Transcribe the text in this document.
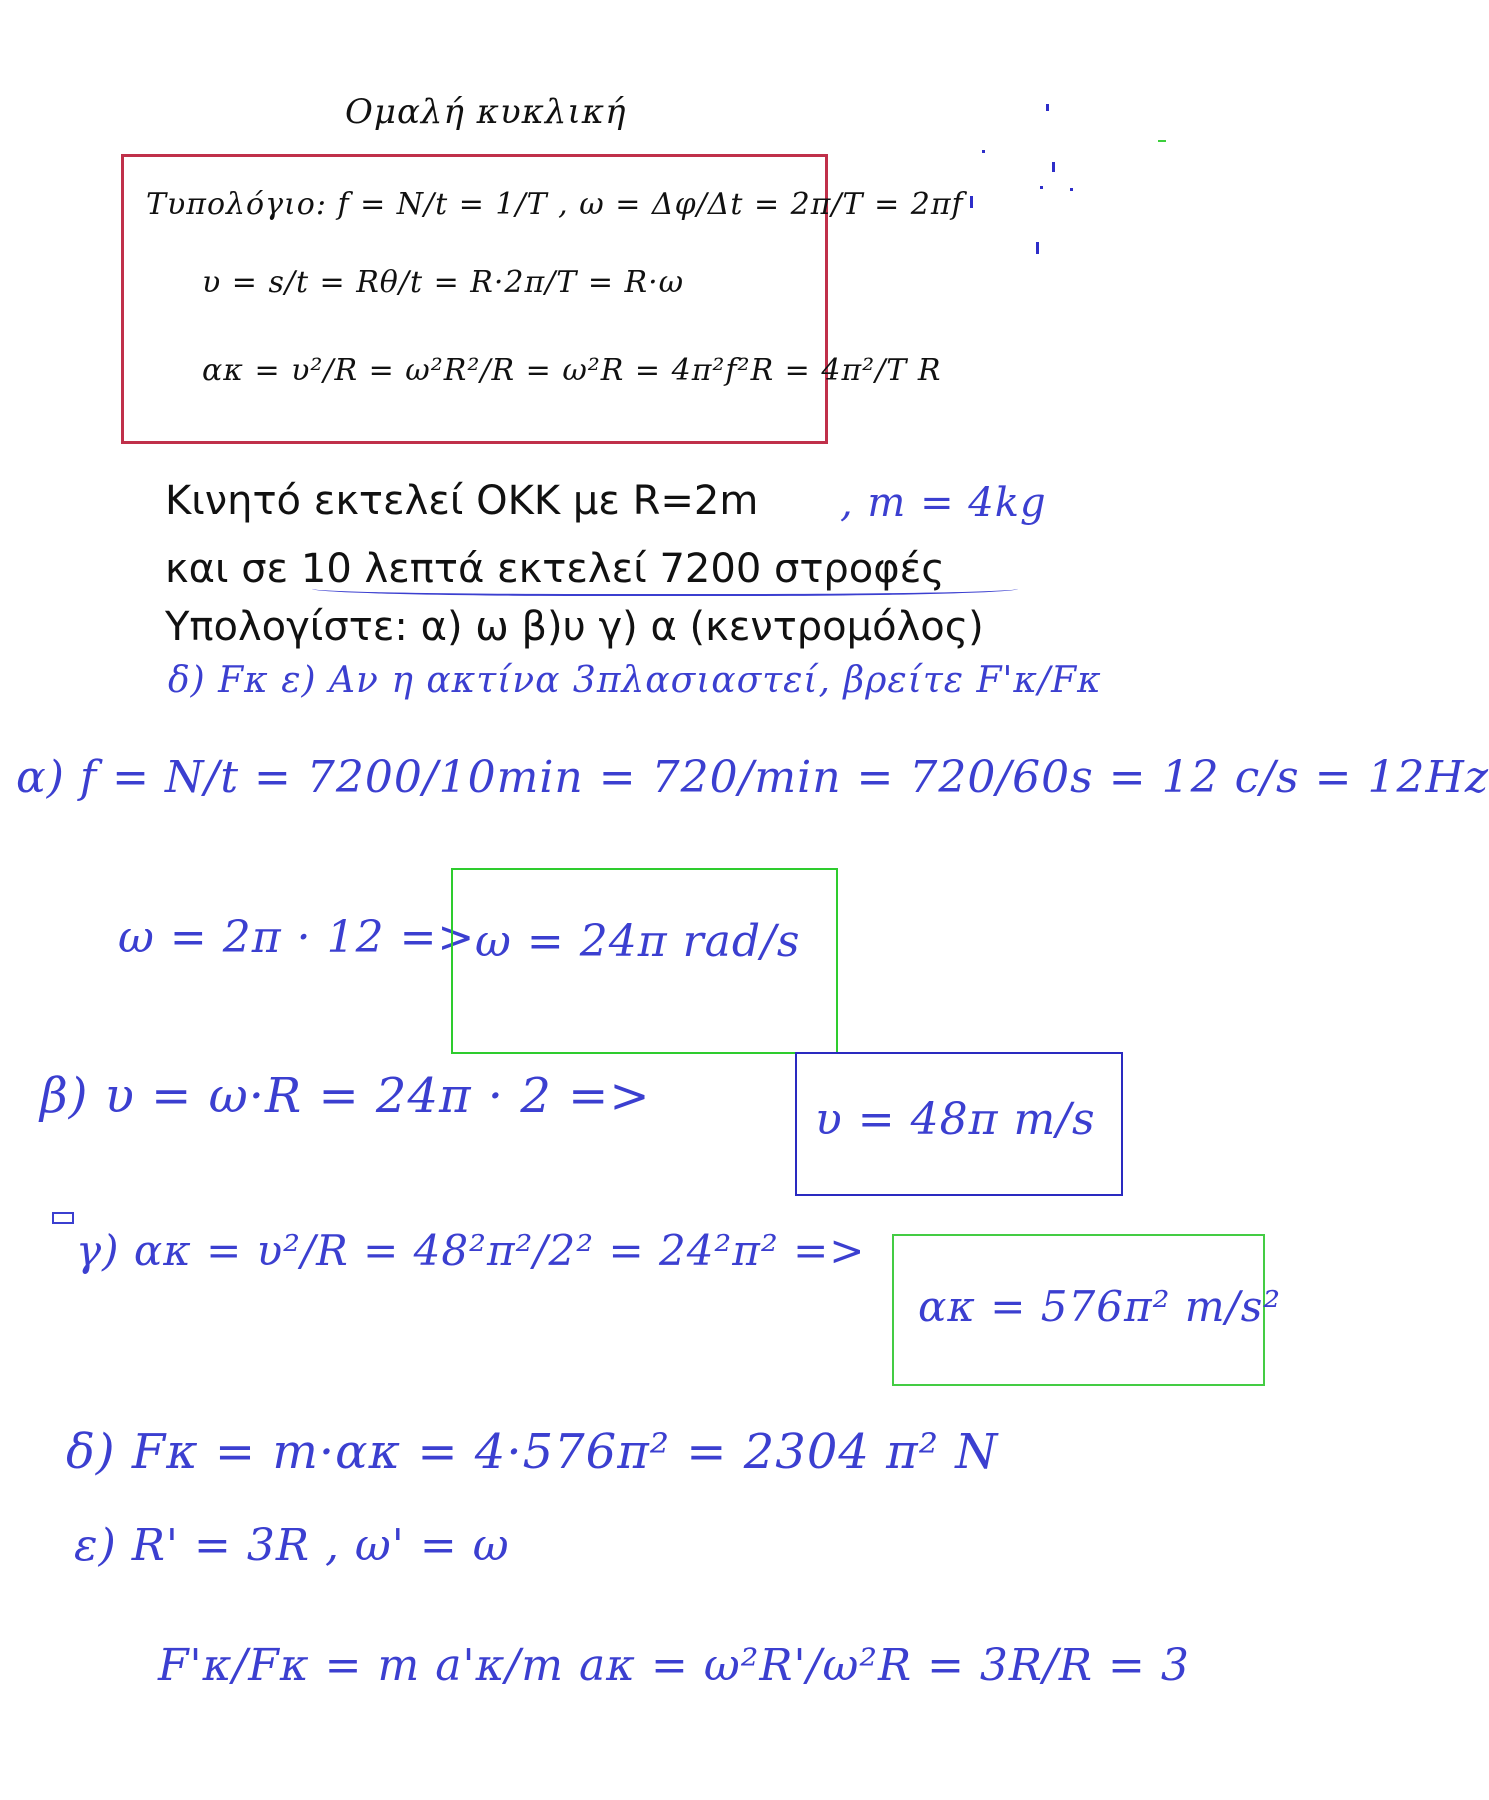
Ομαλή κυκλική
Τυπολόγιο: f = N/t = 1/T , ω = Δφ/Δt = 2π/T = 2πf
υ = s/t = Rθ/t = R·2π/T = R·ω
ακ = υ²/R = ω²R²/R = ω²R = 4π²f²R = 4π²/T R
Κινητό εκτελεί ΟΚΚ με R=2m , m = 4kg
και σε 10 λεπτά εκτελεί 7200 στροφές
Υπολογίστε: α) ω β)υ γ) α (κεντρομόλος)
δ) Fκ ε) Αν η ακτίνα 3πλασιαστεί, βρείτε F'κ/Fκ
α) f = N/t = 7200/10min = 720/min = 720/60s = 12 c/s = 12Hz
ω = 2π · 12 => ω = 24π rad/s
β) υ = ω·R = 24π · 2 =>	υ = 48π m/s
γ) ακ = υ²/R = 48²π²/2² = 24²π² =>
ακ = 576π² m/s²
δ) Fκ = m·ακ = 4·576π² = 2304 π² N
ε) R' = 3R , ω' = ω
F'κ/Fκ = m a'κ/m aκ = ω²R'/ω²R = 3R/R = 3
